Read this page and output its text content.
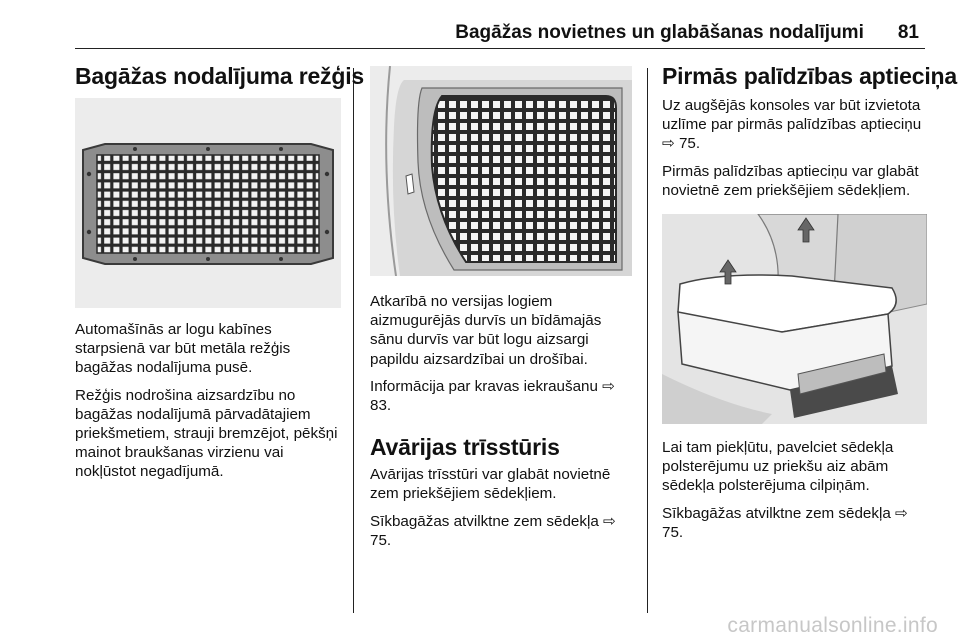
Bagāžas novietnes un glabāšanas nodalījumi 81
Bagāžas nodalījuma režģis

Automašīnās ar logu kabīnes starpsienā var būt metāla režģis bagāžas nodalījuma pusē.

Režģis nodrošina aizsardzību no bagāžas nodalījumā pārvadātajiem priekšmetiem, strauji bremzējot, pēkšņi mainot braukšanas virzienu vai nokļūstot negadījumā.

Atkarībā no versijas logiem aizmugurējās durvīs un bīdāmajās sānu durvīs var būt logu aizsargi papildu aizsardzībai un drošībai.

Informācija par kravas iekraušanu ⇨ 83.

Avārijas trīsstūris

Avārijas trīsstūri var glabāt novietnē zem priekšējiem sēdekļiem.

Sīkbagāžas atvilktne zem sēdekļa ⇨ 75.

Pirmās palīdzības aptieciņa

Uz augšējās konsoles var būt izvietota uzlīme par pirmās palīdzības aptieciņu ⇨ 75.

Pirmās palīdzības aptieciņu var glabāt novietnē zem priekšējiem sēdekļiem.

Lai tam piekļūtu, pavelciet sēdekļa polsterējumu uz priekšu aiz abām sēdekļa polsterējuma cilpiņām.

Sīkbagāžas atvilktne zem sēdekļa ⇨ 75.

carmanualsonline.info
